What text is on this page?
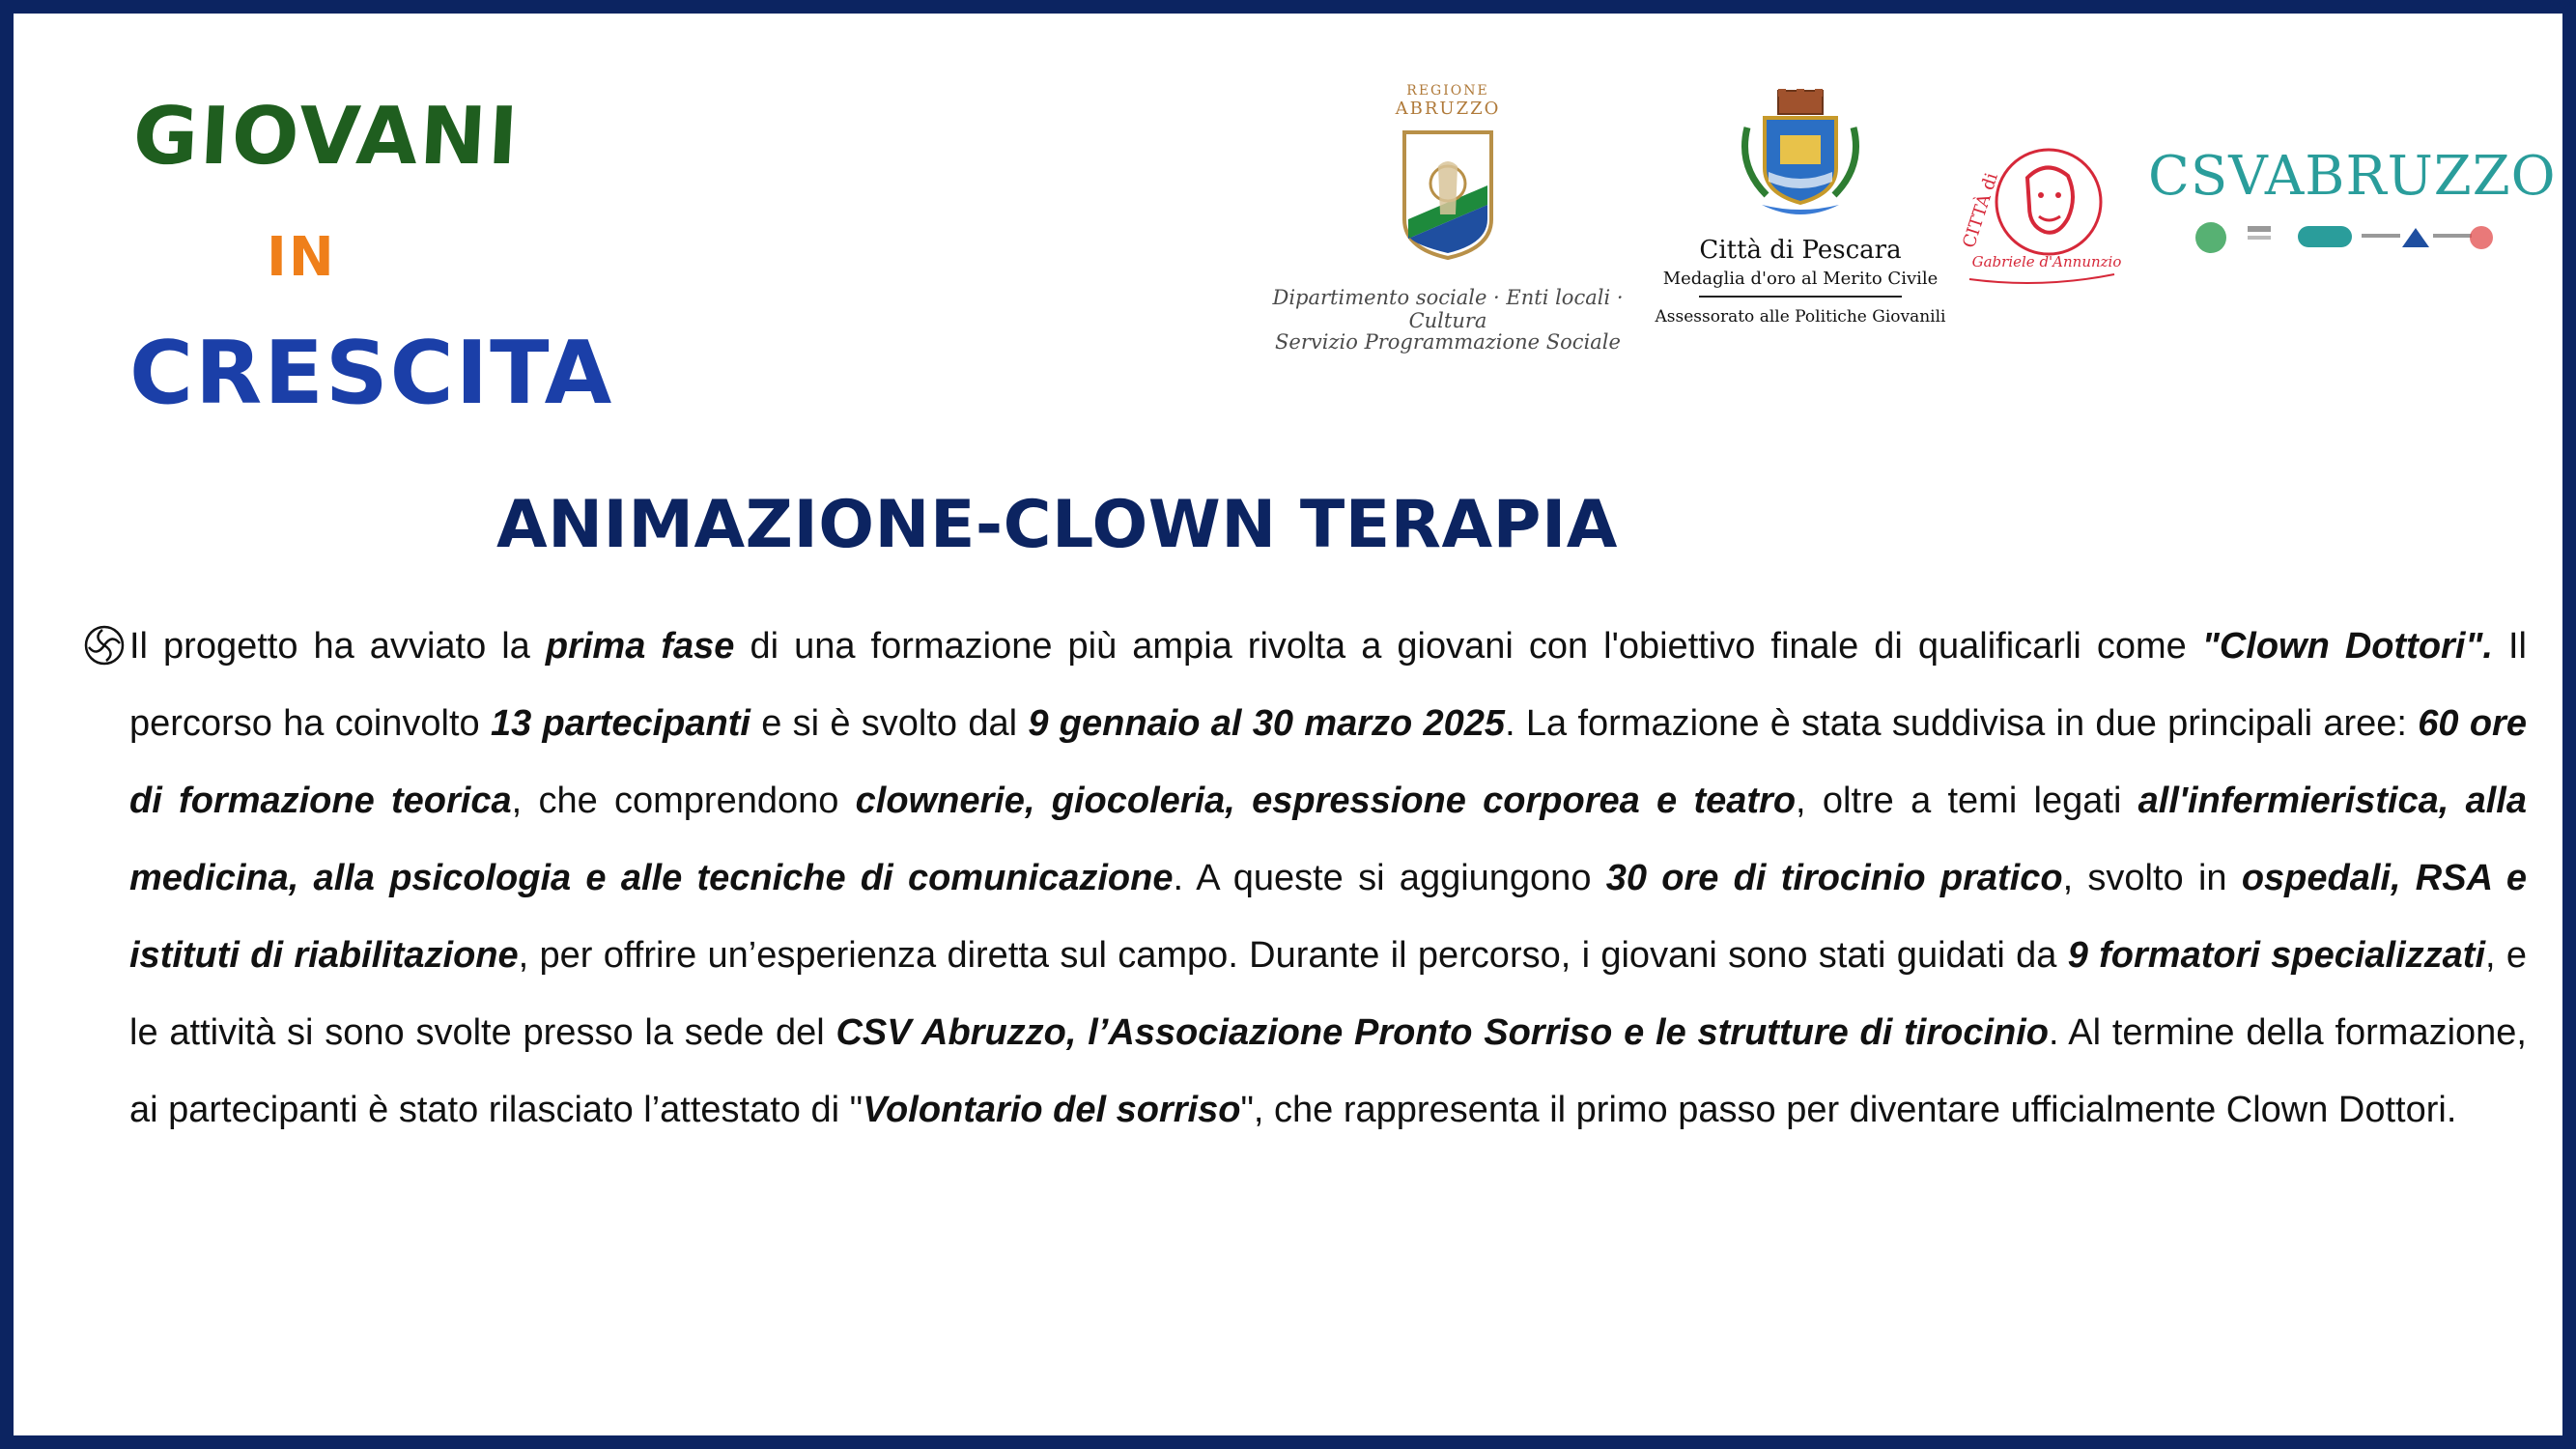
GIOVANI
IN
CRESCITA
REGIONE
ABRUZZO
Dipartimento sociale · Enti locali · Cultura
Servizio Programmazione Sociale
Città di Pescara
Medaglia d'oro al Merito Civile
Assessorato alle Politiche Giovanili
CITTÀ di
Gabriele d'Annunzio
CSVABRUZZO
ANIMAZIONE-CLOWN TERAPIA

Il progetto ha avviato la prima fase di una formazione più ampia rivolta a giovani con l'obiettivo finale di qualificarli come "Clown Dottori". Il percorso ha coinvolto 13 partecipanti e si è svolto dal 9 gennaio al 30 marzo 2025. La formazione è stata suddivisa in due principali aree: 60 ore di formazione teorica, che comprendono clownerie, giocoleria, espressione corporea e teatro, oltre a temi legati all'infermieristica, alla medicina, alla psicologia e alle tecniche di comunicazione. A queste si aggiungono 30 ore di tirocinio pratico, svolto in ospedali, RSA e istituti di riabilitazione, per offrire un’esperienza diretta sul campo. Durante il percorso, i giovani sono stati guidati da 9 formatori specializzati, e le attività si sono svolte presso la sede del CSV Abruzzo, l’Associazione Pronto Sorriso e le strutture di tirocinio. Al termine della formazione, ai partecipanti è stato rilasciato l’attestato di "Volontario del sorriso", che rappresenta il primo passo per diventare ufficialmente Clown Dottori.
